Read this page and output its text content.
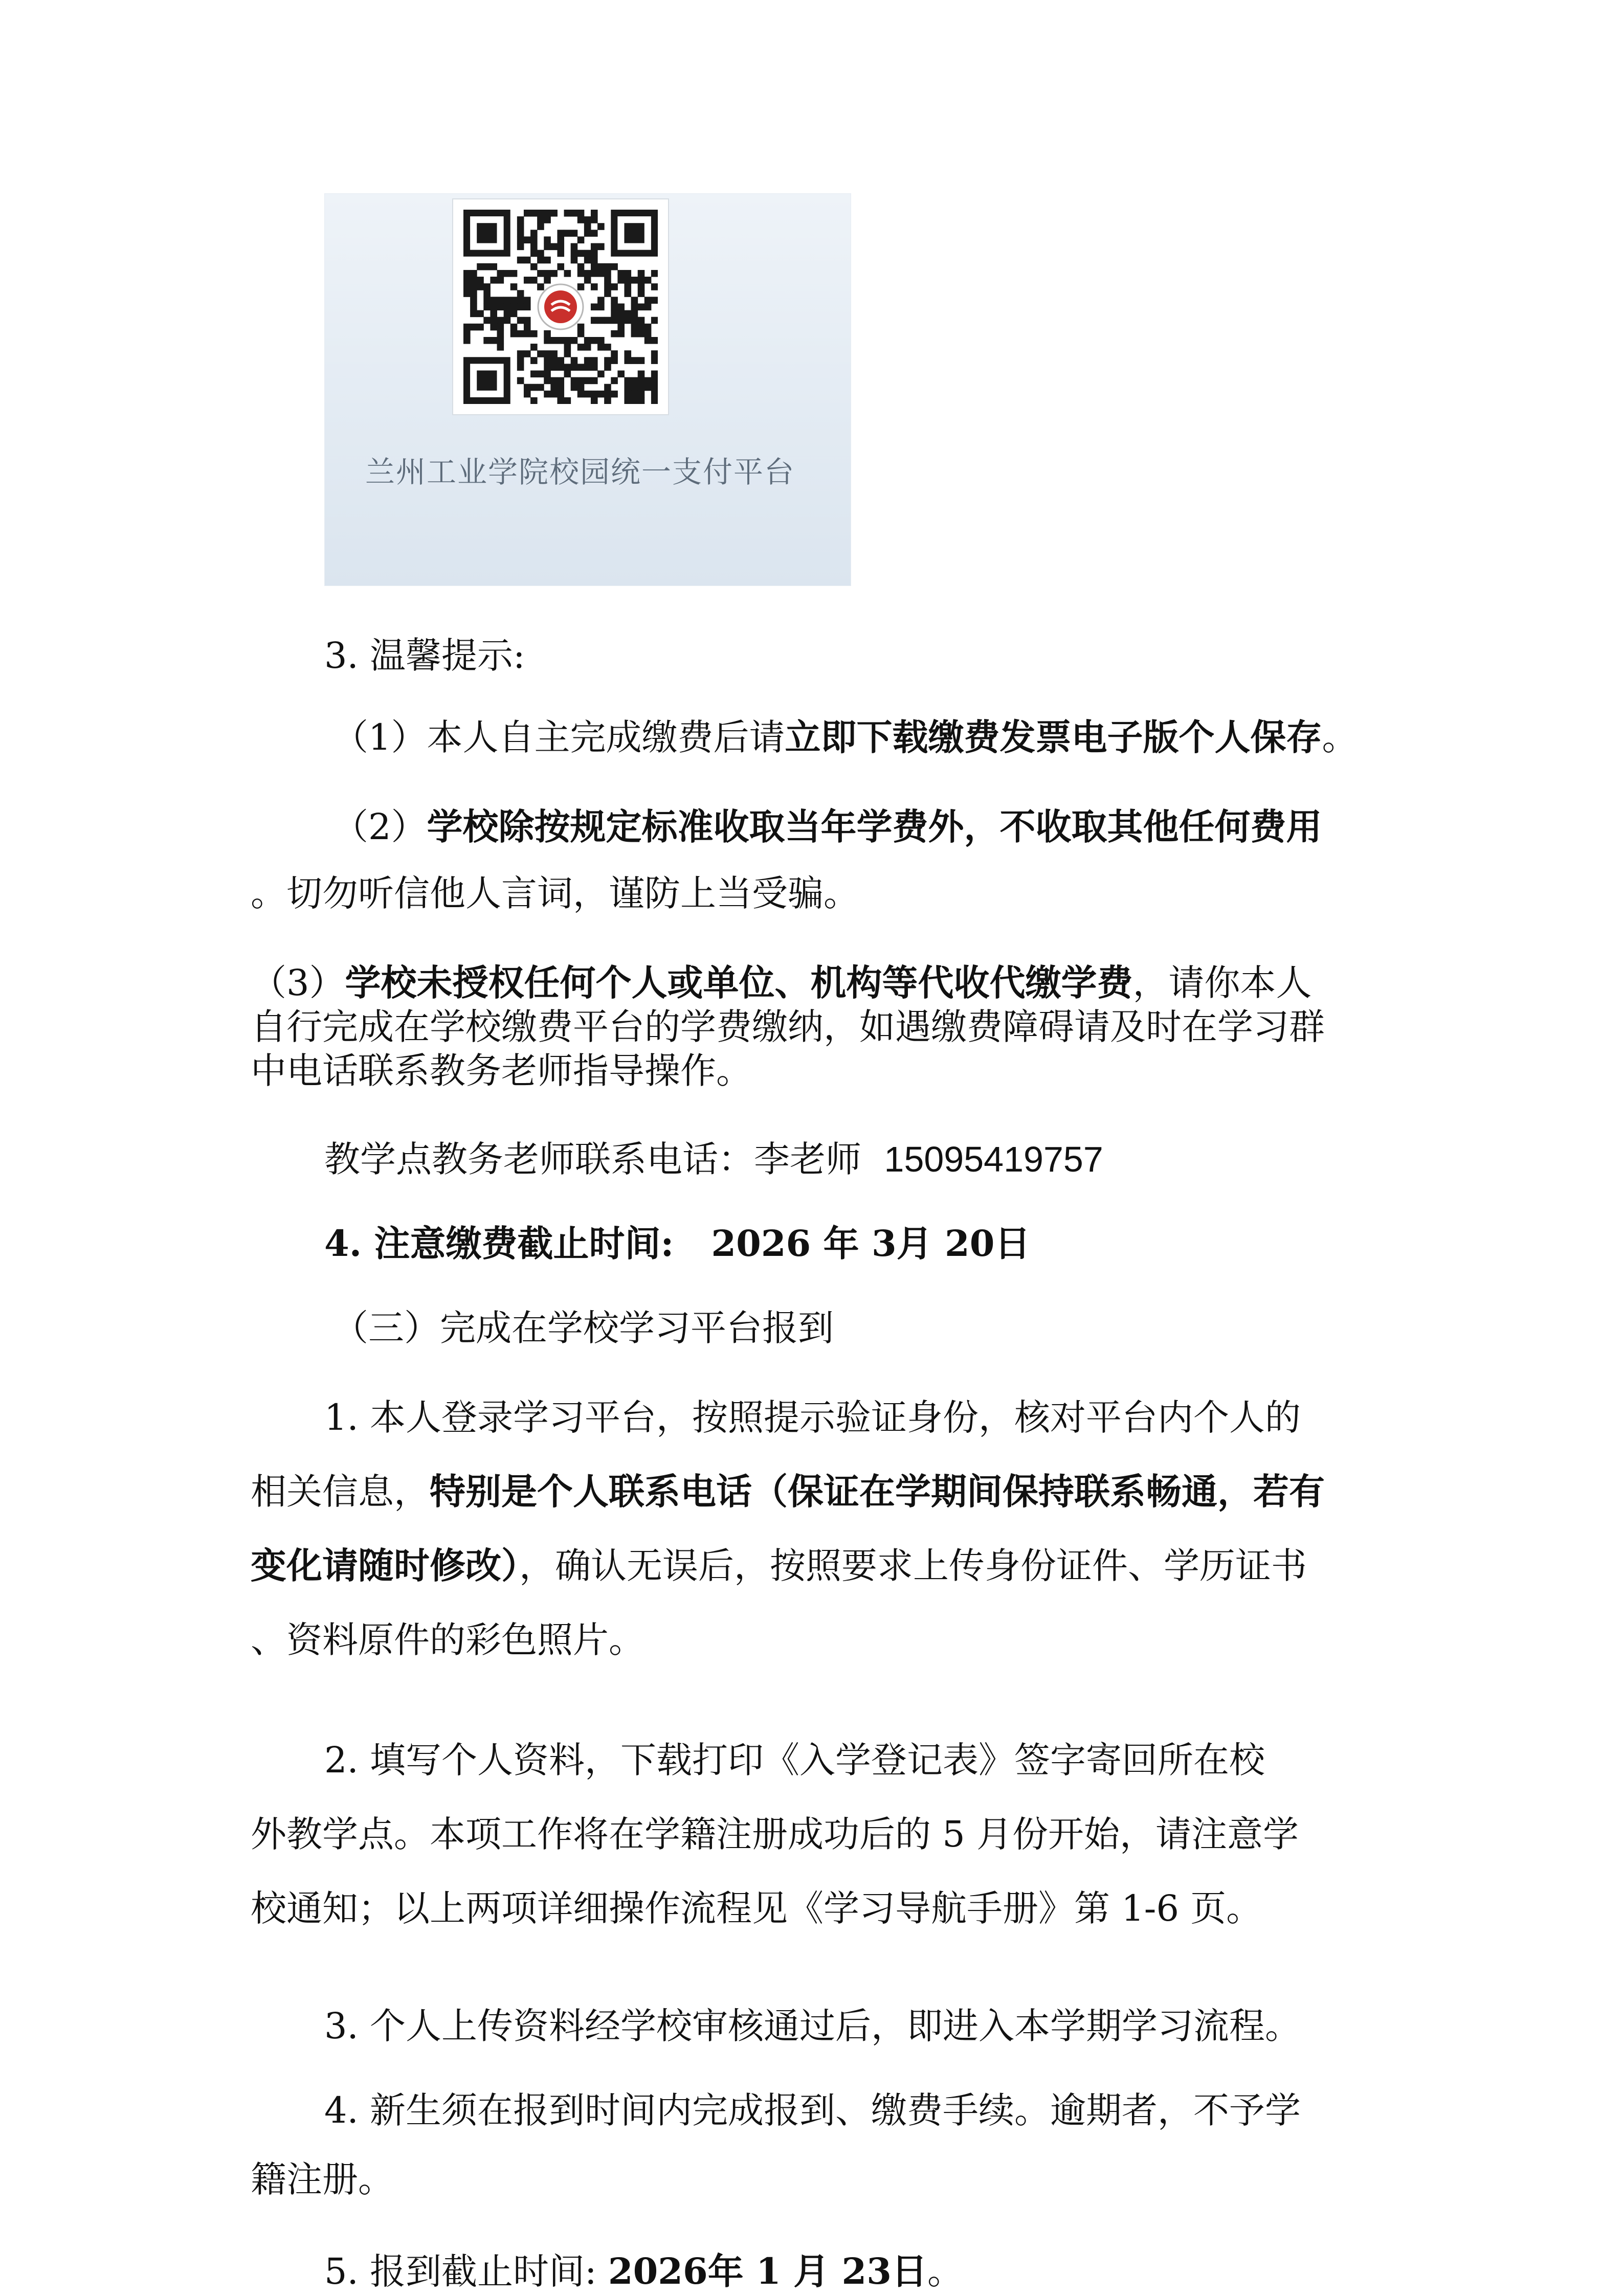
兰州工业学院校园统一支付平台
3. 温馨提示:
（1）本人自主完成缴费后请立即下载缴费发票电子版个人保存。
（2）学校除按规定标准收取当年学费外，不收取其他任何费用
。切勿听信他人言词，谨防上当受骗。
（3）学校未授权任何个人或单位、机构等代收代缴学费，请你本人
自行完成在学校缴费平台的学费缴纳，如遇缴费障碍请及时在学习群
中电话联系教务老师指导操作。
教学点教务老师联系电话：李老师 15095419757
4. 注意缴费截止时间: 2026 年 3月 20日
（三）完成在学校学习平台报到
1. 本人登录学习平台，按照提示验证身份，核对平台内个人的
相关信息，特别是个人联系电话（保证在学期间保持联系畅通，若有
变化请随时修改），确认无误后，按照要求上传身份证件、学历证书
、资料原件的彩色照片。
2. 填写个人资料，下载打印《入学登记表》签字寄回所在校
外教学点。本项工作将在学籍注册成功后的 5 月份开始，请注意学
校通知；以上两项详细操作流程见《学习导航手册》第 1-6 页。
3. 个人上传资料经学校审核通过后，即进入本学期学习流程。
4. 新生须在报到时间内完成报到、缴费手续。逾期者，不予学
籍注册。
5. 报到截止时间: 2026年 1 月 23日。
